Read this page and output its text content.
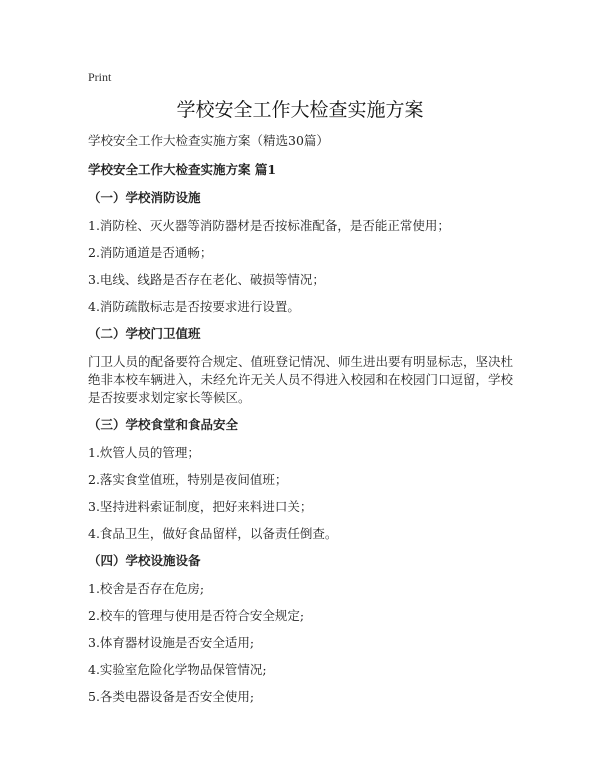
Print
学校安全工作大检查实施方案

学校安全工作大检查实施方案（精选30篇）

学校安全工作大检查实施方案 篇1

（一）学校消防设施

1.消防栓、灭火器等消防器材是否按标准配备，是否能正常使用；

2.消防通道是否通畅；

3.电线、线路是否存在老化、破损等情况；

4.消防疏散标志是否按要求进行设置。

（二）学校门卫值班

门卫人员的配备要符合规定、值班登记情况、师生进出要有明显标志，坚决杜绝非本校车辆进入，未经允许无关人员不得进入校园和在校园门口逗留，学校是否按要求划定家长等候区。

（三）学校食堂和食品安全

1.炊管人员的管理；

2.落实食堂值班，特别是夜间值班；

3.坚持进料索证制度，把好来料进口关；

4.食品卫生，做好食品留样，以备责任倒查。

（四）学校设施设备

1.校舍是否存在危房;

2.校车的管理与使用是否符合安全规定;

3.体育器材设施是否安全适用;

4.实验室危险化学物品保管情况;

5.各类电器设备是否安全使用;
